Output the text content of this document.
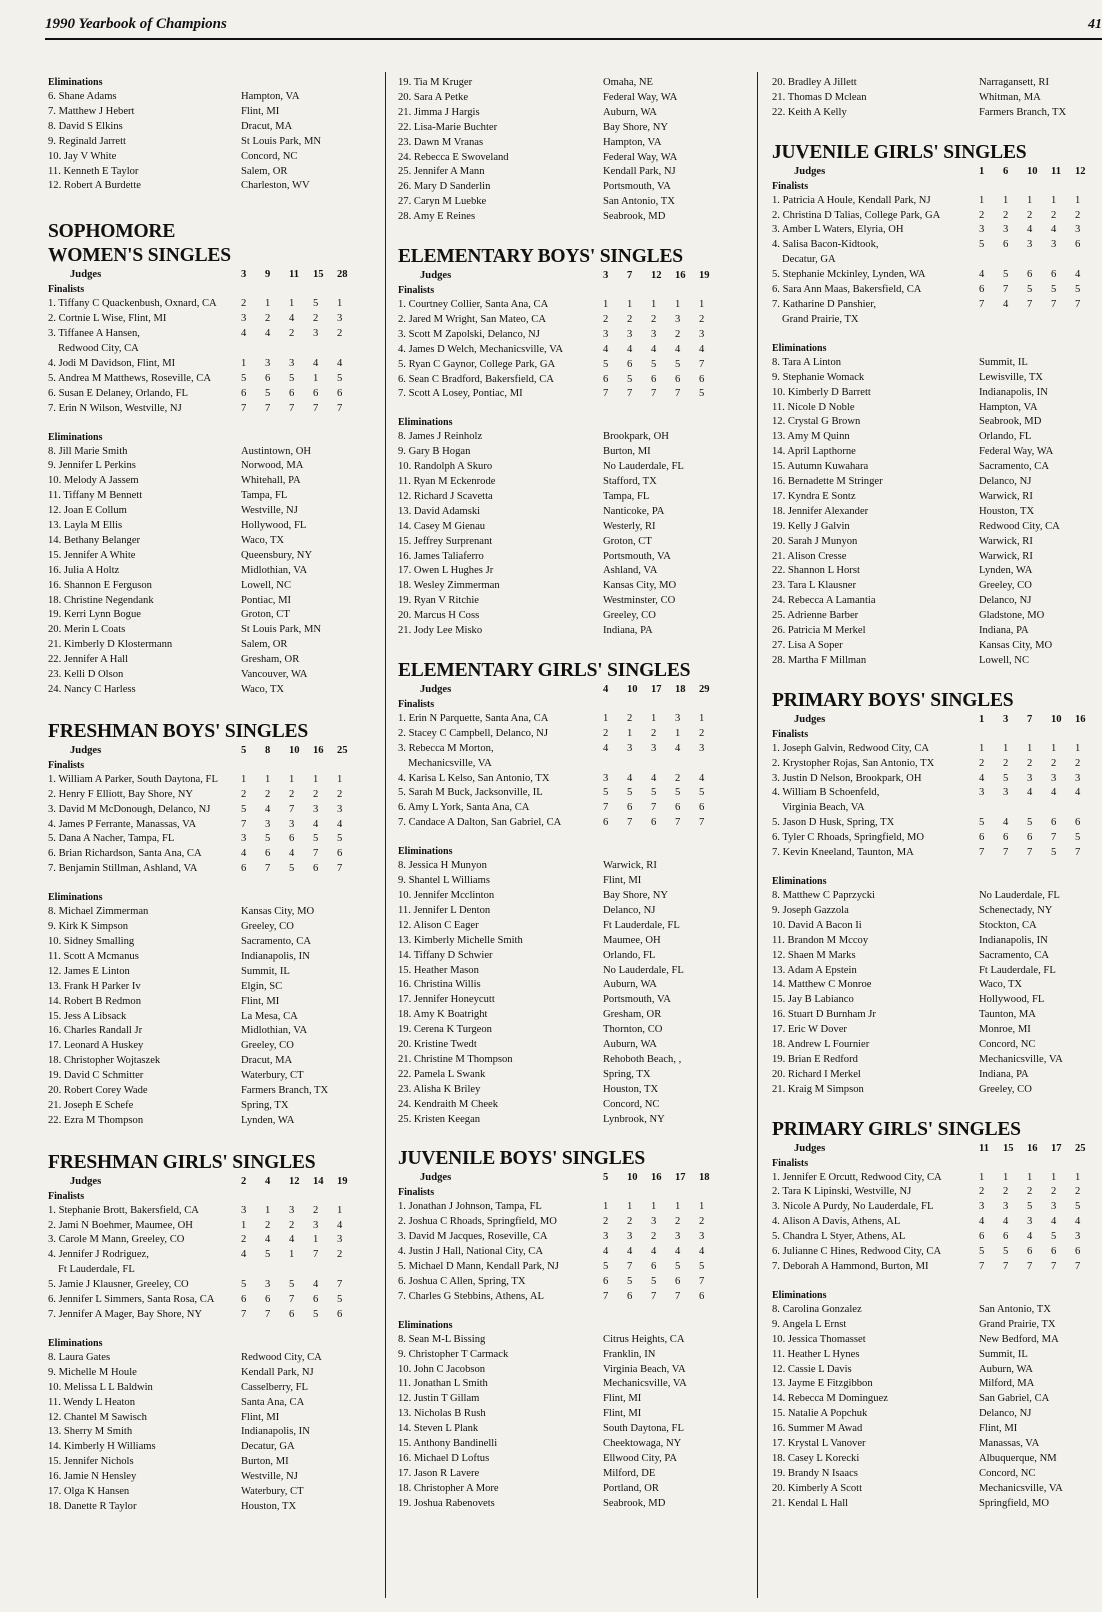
1990 Yearbook of Champions	41
Eliminations
6. Shane Adams	Hampton, VA
7. Matthew J Hebert	Flint, MI
8. David S Elkins	Dracut, MA
9. Reginald Jarrett	St Louis Park, MN
10. Jay V White	Concord, NC
11. Kenneth E Taylor	Salem, OR
12. Robert A Burdette	Charleston, WV
SOPHOMORE
WOMEN'S SINGLES
Judges	3	9	11	15	28
Finalists
1. Tiffany C Quackenbush, Oxnard, CA	2	1	1	5	1
2. Cortnie L Wise, Flint, MI	3	2	4	2	3
3. Tiffanee A Hansen,	4	4	2	3	2
Redwood City, CA
4. Jodi M Davidson, Flint, MI	1	3	3	4	4
5. Andrea M Matthews, Roseville, CA	5	6	5	1	5
6. Susan E Delaney, Orlando, FL	6	5	6	6	6
7. Erin N Wilson, Westville, NJ	7	7	7	7	7
Eliminations
8. Jill Marie Smith	Austintown, OH
9. Jennifer L Perkins	Norwood, MA
10. Melody A Jassem	Whitehall, PA
11. Tiffany M Bennett	Tampa, FL
12. Joan E Collum	Westville, NJ
13. Layla M Ellis	Hollywood, FL
14. Bethany Belanger	Waco, TX
15. Jennifer A White	Queensbury, NY
16. Julia A Holtz	Midlothian, VA
16. Shannon E Ferguson	Lowell, NC
18. Christine Negendank	Pontiac, MI
19. Kerri Lynn Bogue	Groton, CT
20. Merin L Coats	St Louis Park, MN
21. Kimberly D Klostermann	Salem, OR
22. Jennifer A Hall	Gresham, OR
23. Kelli D Olson	Vancouver, WA
24. Nancy C Harless	Waco, TX
FRESHMAN BOYS' SINGLES
Judges	5	8	10	16	25
Finalists
1. William A Parker, South Daytona, FL	1	1	1	1	1
2. Henry F Elliott, Bay Shore, NY	2	2	2	2	2
3. David M McDonough, Delanco, NJ	5	4	7	3	3
4. James P Ferrante, Manassas, VA	7	3	3	4	4
5. Dana A Nacher, Tampa, FL	3	5	6	5	5
6. Brian Richardson, Santa Ana, CA	4	6	4	7	6
7. Benjamin Stillman, Ashland, VA	6	7	5	6	7
Eliminations
8. Michael Zimmerman	Kansas City, MO
9. Kirk K Simpson	Greeley, CO
10. Sidney Smalling	Sacramento, CA
11. Scott A Mcmanus	Indianapolis, IN
12. James E Linton	Summit, IL
13. Frank H Parker Iv	Elgin, SC
14. Robert B Redmon	Flint, MI
15. Jess A Libsack	La Mesa, CA
16. Charles Randall Jr	Midlothian, VA
17. Leonard A Huskey	Greeley, CO
18. Christopher Wojtaszek	Dracut, MA
19. David C Schmitter	Waterbury, CT
20. Robert Corey Wade	Farmers Branch, TX
21. Joseph E Schefe	Spring, TX
22. Ezra M Thompson	Lynden, WA
FRESHMAN GIRLS' SINGLES
Judges	2	4	12	14	19
Finalists
1. Stephanie Brott, Bakersfield, CA	3	1	3	2	1
2. Jami N Boehmer, Maumee, OH	1	2	2	3	4
3. Carole M Mann, Greeley, CO	2	4	4	1	3
4. Jennifer J Rodriguez,	4	5	1	7	2
Ft Lauderdale, FL
5. Jamie J Klausner, Greeley, CO	5	3	5	4	7
6. Jennifer L Simmers, Santa Rosa, CA	6	6	7	6	5
7. Jennifer A Mager, Bay Shore, NY	7	7	6	5	6
Eliminations
8. Laura Gates	Redwood City, CA
9. Michelle M Houle	Kendall Park, NJ
10. Melissa L L Baldwin	Casselberry, FL
11. Wendy L Heaton	Santa Ana, CA
12. Chantel M Sawisch	Flint, MI
13. Sherry M Smith	Indianapolis, IN
14. Kimberly H Williams	Decatur, GA
15. Jennifer Nichols	Burton, MI
16. Jamie N Hensley	Westville, NJ
17. Olga K Hansen	Waterbury, CT
18. Danette R Taylor	Houston, TX
19. Tia M Kruger	Omaha, NE
20. Sara A Petke	Federal Way, WA
21. Jimma J Hargis	Auburn, WA
22. Lisa-Marie Buchter	Bay Shore, NY
23. Dawn M Vranas	Hampton, VA
24. Rebecca E Swoveland	Federal Way, WA
25. Jennifer A Mann	Kendall Park, NJ
26. Mary D Sanderlin	Portsmouth, VA
27. Caryn M Luebke	San Antonio, TX
28. Amy E Reines	Seabrook, MD
ELEMENTARY BOYS' SINGLES
Judges	3	7	12	16	19
Finalists
1. Courtney Collier, Santa Ana, CA	1	1	1	1	1
2. Jared M Wright, San Mateo, CA	2	2	2	3	2
3. Scott M Zapolski, Delanco, NJ	3	3	3	2	3
4. James D Welch, Mechanicsville, VA	4	4	4	4	4
5. Ryan C Gaynor, College Park, GA	5	6	5	5	7
6. Sean C Bradford, Bakersfield, CA	6	5	6	6	6
7. Scott A Losey, Pontiac, MI	7	7	7	7	5
Eliminations
8. James J Reinholz	Brookpark, OH
9. Gary B Hogan	Burton, MI
10. Randolph A Skuro	No Lauderdale, FL
11. Ryan M Eckenrode	Stafford, TX
12. Richard J Scavetta	Tampa, FL
13. David Adamski	Nanticoke, PA
14. Casey M Gienau	Westerly, RI
15. Jeffrey Surprenant	Groton, CT
16. James Taliaferro	Portsmouth, VA
17. Owen L Hughes Jr	Ashland, VA
18. Wesley Zimmerman	Kansas City, MO
19. Ryan V Ritchie	Westminster, CO
20. Marcus H Coss	Greeley, CO
21. Jody Lee Misko	Indiana, PA
ELEMENTARY GIRLS' SINGLES
Judges	4	10	17	18	29
Finalists
1. Erin N Parquette, Santa Ana, CA	1	2	1	3	1
2. Stacey C Campbell, Delanco, NJ	2	1	2	1	2
3. Rebecca M Morton,	4	3	3	4	3
Mechanicsville, VA
4. Karisa L Kelso, San Antonio, TX	3	4	4	2	4
5. Sarah M Buck, Jacksonville, IL	5	5	5	5	5
6. Amy L York, Santa Ana, CA	7	6	7	6	6
7. Candace A Dalton, San Gabriel, CA	6	7	6	7	7
Eliminations
8. Jessica H Munyon	Warwick, RI
9. Shantel L Williams	Flint, MI
10. Jennifer Mcclinton	Bay Shore, NY
11. Jennifer L Denton	Delanco, NJ
12. Alison C Eager	Ft Lauderdale, FL
13. Kimberly Michelle Smith	Maumee, OH
14. Tiffany D Schwier	Orlando, FL
15. Heather Mason	No Lauderdale, FL
16. Christina Willis	Auburn, WA
17. Jennifer Honeycutt	Portsmouth, VA
18. Amy K Boatright	Gresham, OR
19. Cerena K Turgeon	Thornton, CO
20. Kristine Twedt	Auburn, WA
21. Christine M Thompson	Rehoboth Beach, ,
22. Pamela L Swank	Spring, TX
23. Alisha K Briley	Houston, TX
24. Kendraith M Cheek	Concord, NC
25. Kristen Keegan	Lynbrook, NY
JUVENILE BOYS' SINGLES
Judges	5	10	16	17	18
Finalists
1. Jonathan J Johnson, Tampa, FL	1	1	1	1	1
2. Joshua C Rhoads, Springfield, MO	2	2	3	2	2
3. David M Jacques, Roseville, CA	3	3	2	3	3
4. Justin J Hall, National City, CA	4	4	4	4	4
5. Michael D Mann, Kendall Park, NJ	5	7	6	5	5
6. Joshua C Allen, Spring, TX	6	5	5	6	7
7. Charles G Stebbins, Athens, AL	7	6	7	7	6
Eliminations
8. Sean M-L Bissing	Citrus Heights, CA
9. Christopher T Carmack	Franklin, IN
10. John C Jacobson	Virginia Beach, VA
11. Jonathan L Smith	Mechanicsville, VA
12. Justin T Gillam	Flint, MI
13. Nicholas B Rush	Flint, MI
14. Steven L Plank	South Daytona, FL
15. Anthony Bandinelli	Cheektowaga, NY
16. Michael D Loftus	Ellwood City, PA
17. Jason R Lavere	Milford, DE
18. Christopher A More	Portland, OR
19. Joshua Rabenovets	Seabrook, MD
20. Bradley A Jillett	Narragansett, RI
21. Thomas D Mclean	Whitman, MA
22. Keith A Kelly	Farmers Branch, TX
JUVENILE GIRLS' SINGLES
Judges	1	6	10	11	12
Finalists
1. Patricia A Houle, Kendall Park, NJ	1	1	1	1	1
2. Christina D Talias, College Park, GA	2	2	2	2	2
3. Amber L Waters, Elyria, OH	3	3	4	4	3
4. Salisa Bacon-Kidtook,	5	6	3	3	6
Decatur, GA
5. Stephanie Mckinley, Lynden, WA	4	5	6	6	4
6. Sara Ann Maas, Bakersfield, CA	6	7	5	5	5
7. Katharine D Panshier,	7	4	7	7	7
Grand Prairie, TX
Eliminations
8. Tara A Linton	Summit, IL
9. Stephanie Womack	Lewisville, TX
10. Kimberly D Barrett	Indianapolis, IN
11. Nicole D Noble	Hampton, VA
12. Crystal G Brown	Seabrook, MD
13. Amy M Quinn	Orlando, FL
14. April Lapthorne	Federal Way, WA
15. Autumn Kuwahara	Sacramento, CA
16. Bernadette M Stringer	Delanco, NJ
17. Kyndra E Sontz	Warwick, RI
18. Jennifer Alexander	Houston, TX
19. Kelly J Galvin	Redwood City, CA
20. Sarah J Munyon	Warwick, RI
21. Alison Cresse	Warwick, RI
22. Shannon L Horst	Lynden, WA
23. Tara L Klausner	Greeley, CO
24. Rebecca A Lamantia	Delanco, NJ
25. Adrienne Barber	Gladstone, MO
26. Patricia M Merkel	Indiana, PA
27. Lisa A Soper	Kansas City, MO
28. Martha F Millman	Lowell, NC
PRIMARY BOYS' SINGLES
Judges	1	3	7	10	16
Finalists
1. Joseph Galvin, Redwood City, CA	1	1	1	1	1
2. Krystopher Rojas, San Antonio, TX	2	2	2	2	2
3. Justin D Nelson, Brookpark, OH	4	5	3	3	3
4. William B Schoenfeld,	3	3	4	4	4
Virginia Beach, VA
5. Jason D Husk, Spring, TX	5	4	5	6	6
6. Tyler C Rhoads, Springfield, MO	6	6	6	7	5
7. Kevin Kneeland, Taunton, MA	7	7	7	5	7
Eliminations
8. Matthew C Paprzycki	No Lauderdale, FL
9. Joseph Gazzola	Schenectady, NY
10. David A Bacon Ii	Stockton, CA
11. Brandon M Mccoy	Indianapolis, IN
12. Shaen M Marks	Sacramento, CA
13. Adam A Epstein	Ft Lauderdale, FL
14. Matthew C Monroe	Waco, TX
15. Jay B Labianco	Hollywood, FL
16. Stuart D Burnham Jr	Taunton, MA
17. Eric W Dover	Monroe, MI
18. Andrew L Fournier	Concord, NC
19. Brian E Redford	Mechanicsville, VA
20. Richard I Merkel	Indiana, PA
21. Kraig M Simpson	Greeley, CO
PRIMARY GIRLS' SINGLES
Judges	11	15	16	17	25
Finalists
1. Jennifer E Orcutt, Redwood City, CA	1	1	1	1	1
2. Tara K Lipinski, Westville, NJ	2	2	2	2	2
3. Nicole A Purdy, No Lauderdale, FL	3	3	5	3	5
4. Alison A Davis, Athens, AL	4	4	3	4	4
5. Chandra L Styer, Athens, AL	6	6	4	5	3
6. Julianne C Hines, Redwood City, CA	5	5	6	6	6
7. Deborah A Hammond, Burton, MI	7	7	7	7	7
Eliminations
8. Carolina Gonzalez	San Antonio, TX
9. Angela L Ernst	Grand Prairie, TX
10. Jessica Thomasset	New Bedford, MA
11. Heather L Hynes	Summit, IL
12. Cassie L Davis	Auburn, WA
13. Jayme E Fitzgibbon	Milford, MA
14. Rebecca M Dominguez	San Gabriel, CA
15. Natalie A Popchuk	Delanco, NJ
16. Summer M Awad	Flint, MI
17. Krystal L Vanover	Manassas, VA
18. Casey L Korecki	Albuquerque, NM
19. Brandy N Isaacs	Concord, NC
20. Kimberly A Scott	Mechanicsville, VA
21. Kendal L Hall	Springfield, MO
